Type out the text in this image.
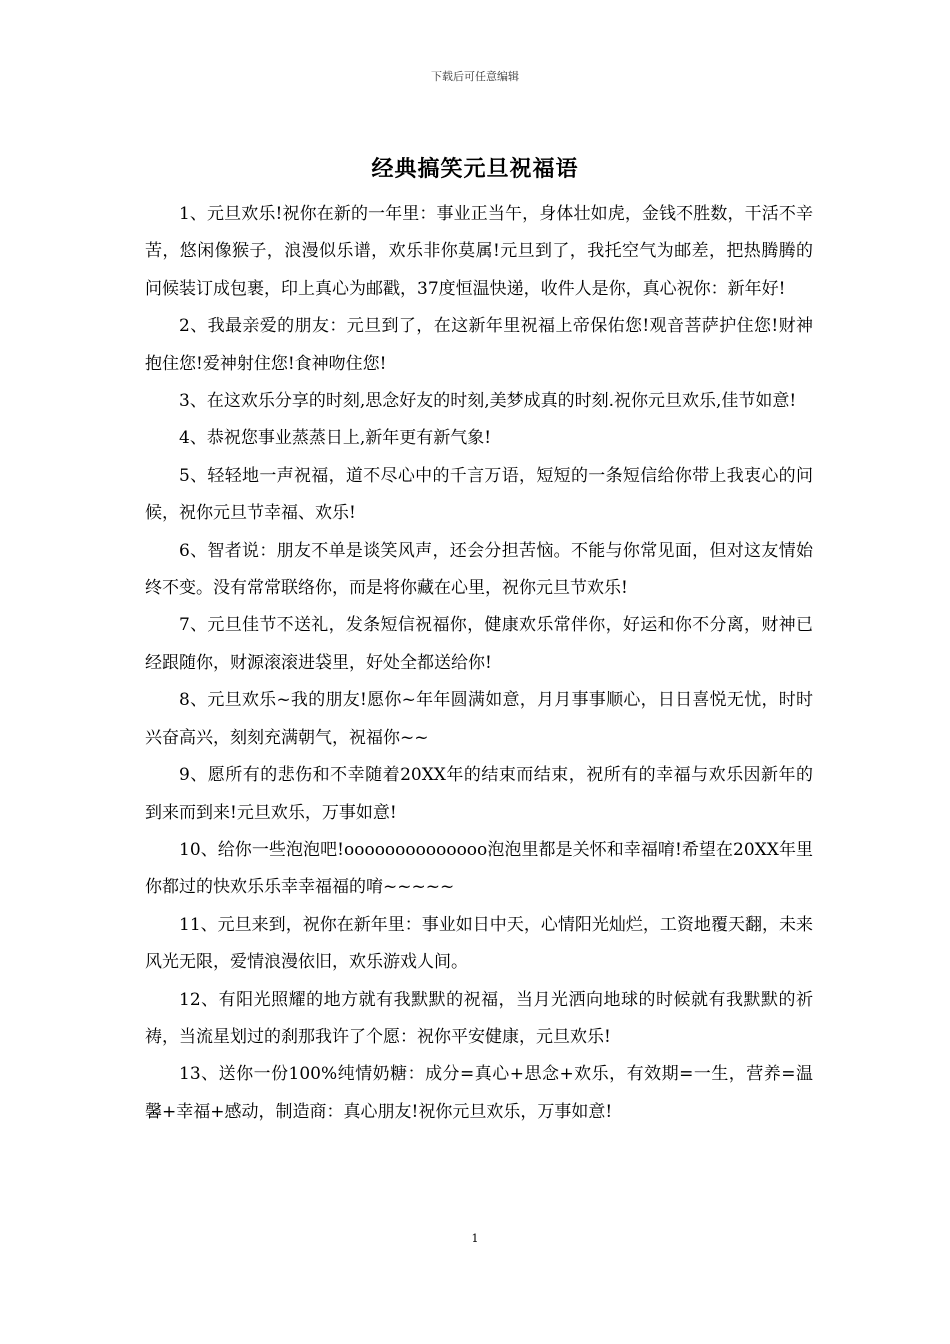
下载后可任意编辑
经典搞笑元旦祝福语

1、元旦欢乐!祝你在新的一年里：事业正当午，身体壮如虎，金钱不胜数，干活不辛苦，悠闲像猴子，浪漫似乐谱，欢乐非你莫属!元旦到了，我托空气为邮差，把热腾腾的问候装订成包裹，印上真心为邮戳，37度恒温快递，收件人是你，真心祝你：新年好!

2、我最亲爱的朋友：元旦到了，在这新年里祝福上帝保佑您!观音菩萨护住您!财神抱住您!爱神射住您!食神吻住您!

3、在这欢乐分享的时刻,思念好友的时刻,美梦成真的时刻.祝你元旦欢乐,佳节如意!

4、恭祝您事业蒸蒸日上,新年更有新气象!

5、轻轻地一声祝福，道不尽心中的千言万语，短短的一条短信给你带上我衷心的问候，祝你元旦节幸福、欢乐!

6、智者说：朋友不单是谈笑风声，还会分担苦恼。不能与你常见面，但对这友情始终不变。没有常常联络你，而是将你藏在心里，祝你元旦节欢乐!

7、元旦佳节不送礼，发条短信祝福你，健康欢乐常伴你，好运和你不分离，财神已经跟随你，财源滚滚进袋里，好处全都送给你!

8、元旦欢乐~我的朋友!愿你~年年圆满如意，月月事事顺心，日日喜悦无忧，时时兴奋高兴，刻刻充满朝气，祝福你~~

9、愿所有的悲伤和不幸随着20XX年的结束而结束，祝所有的幸福与欢乐因新年的到来而到来!元旦欢乐，万事如意!

10、给你一些泡泡吧!oooooooooooooo泡泡里都是关怀和幸福唷!希望在20XX年里你都过的快欢乐乐幸幸福福的唷~~~~~

11、元旦来到，祝你在新年里：事业如日中天，心情阳光灿烂，工资地覆天翻，未来风光无限，爱情浪漫依旧，欢乐游戏人间。

12、有阳光照耀的地方就有我默默的祝福，当月光洒向地球的时候就有我默默的祈祷，当流星划过的刹那我许了个愿：祝你平安健康，元旦欢乐!

13、送你一份100%纯情奶糖：成分=真心+思念+欢乐，有效期=一生，营养=温馨+幸福+感动，制造商：真心朋友!祝你元旦欢乐，万事如意!

1
